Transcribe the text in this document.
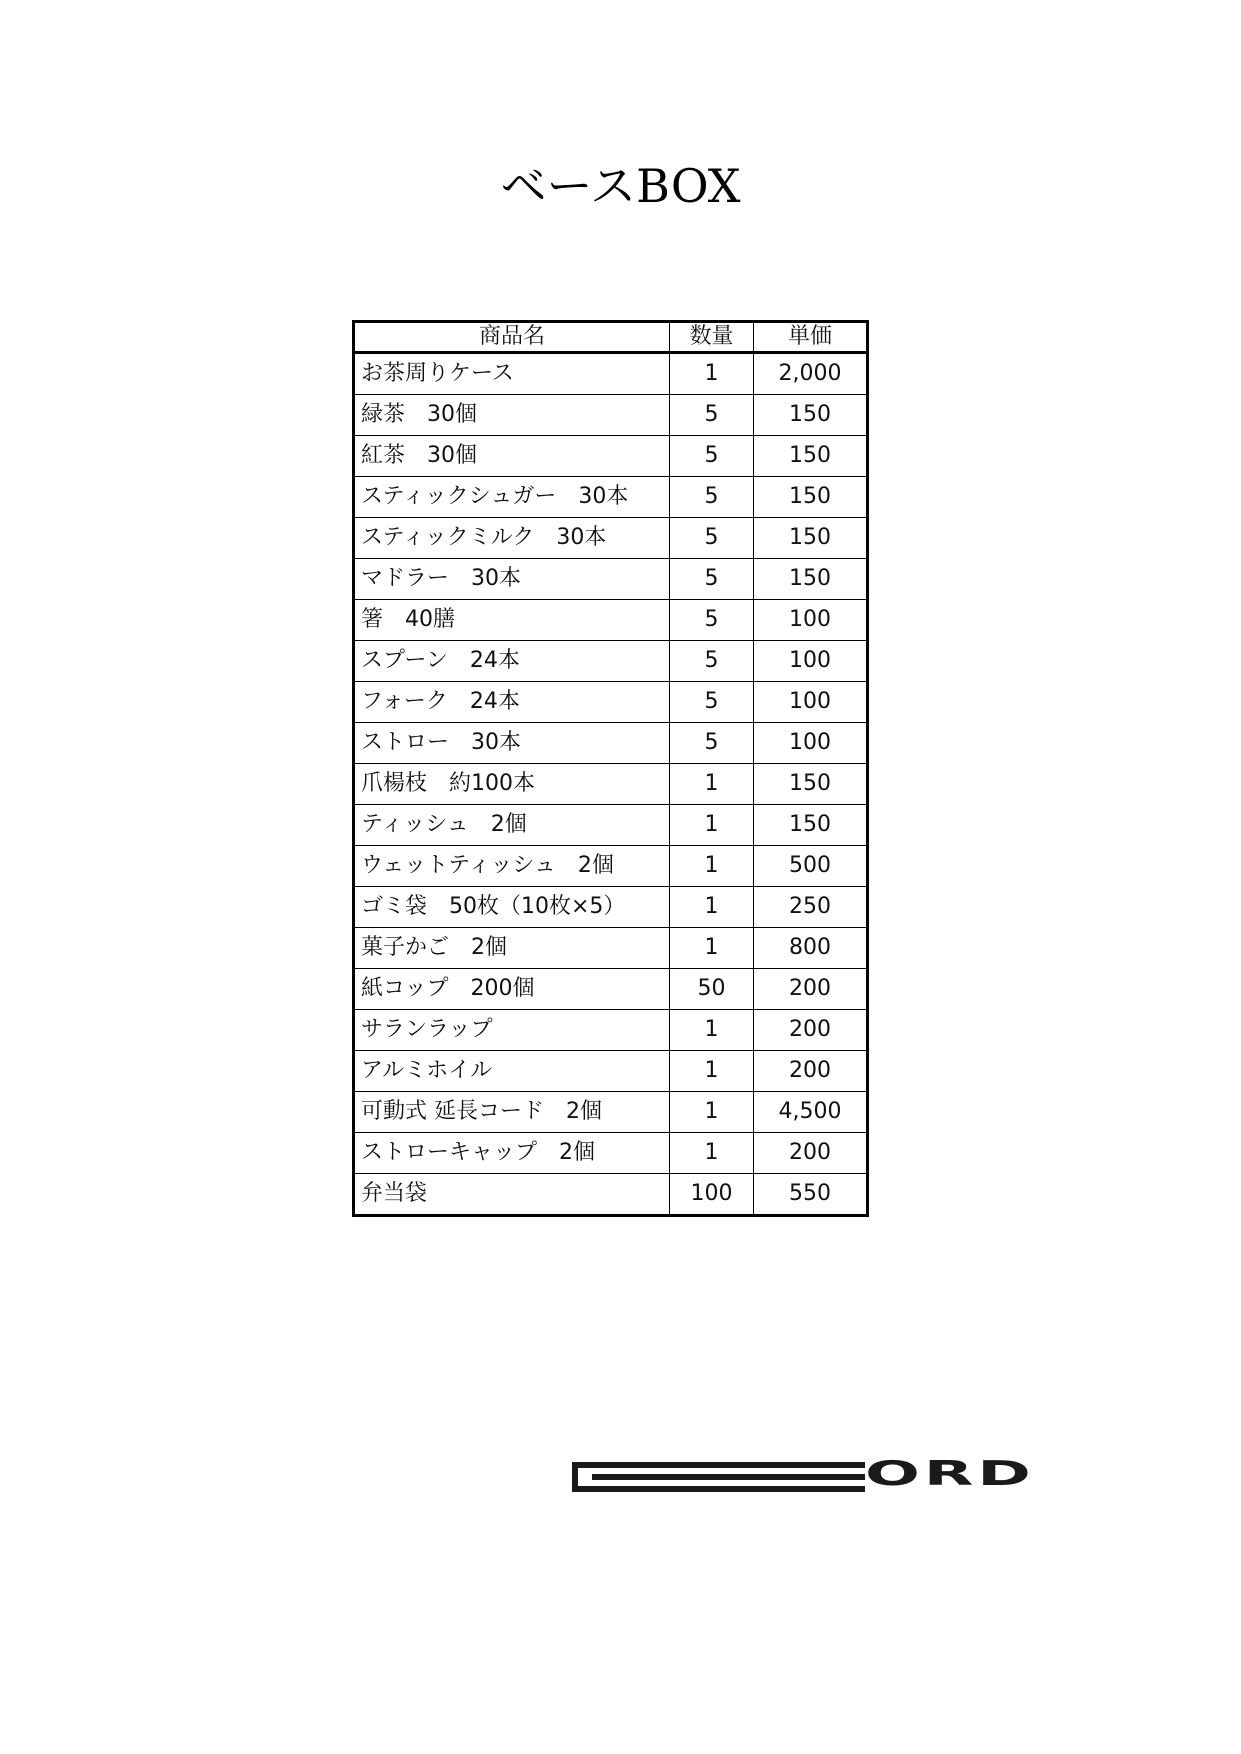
ベースBOX
商品名	数量	単価
お茶周りケース	1	2,000
緑茶　30個	5	150
紅茶　30個	5	150
スティックシュガー　30本	5	150
スティックミルク　30本	5	150
マドラー　30本	5	150
箸　40膳	5	100
スプーン　24本	5	100
フォーク　24本	5	100
ストロー　30本	5	100
爪楊枝　約100本	1	150
ティッシュ　2個	1	150
ウェットティッシュ　2個	1	500
ゴミ袋　50枚（10枚×5）	1	250
菓子かご　2個	1	800
紙コップ　200個	50	200
サランラップ	1	200
アルミホイル	1	200
可動式 延長コード　2個	1	4,500
ストローキャップ　2個	1	200
弁当袋	100	550
ORD
